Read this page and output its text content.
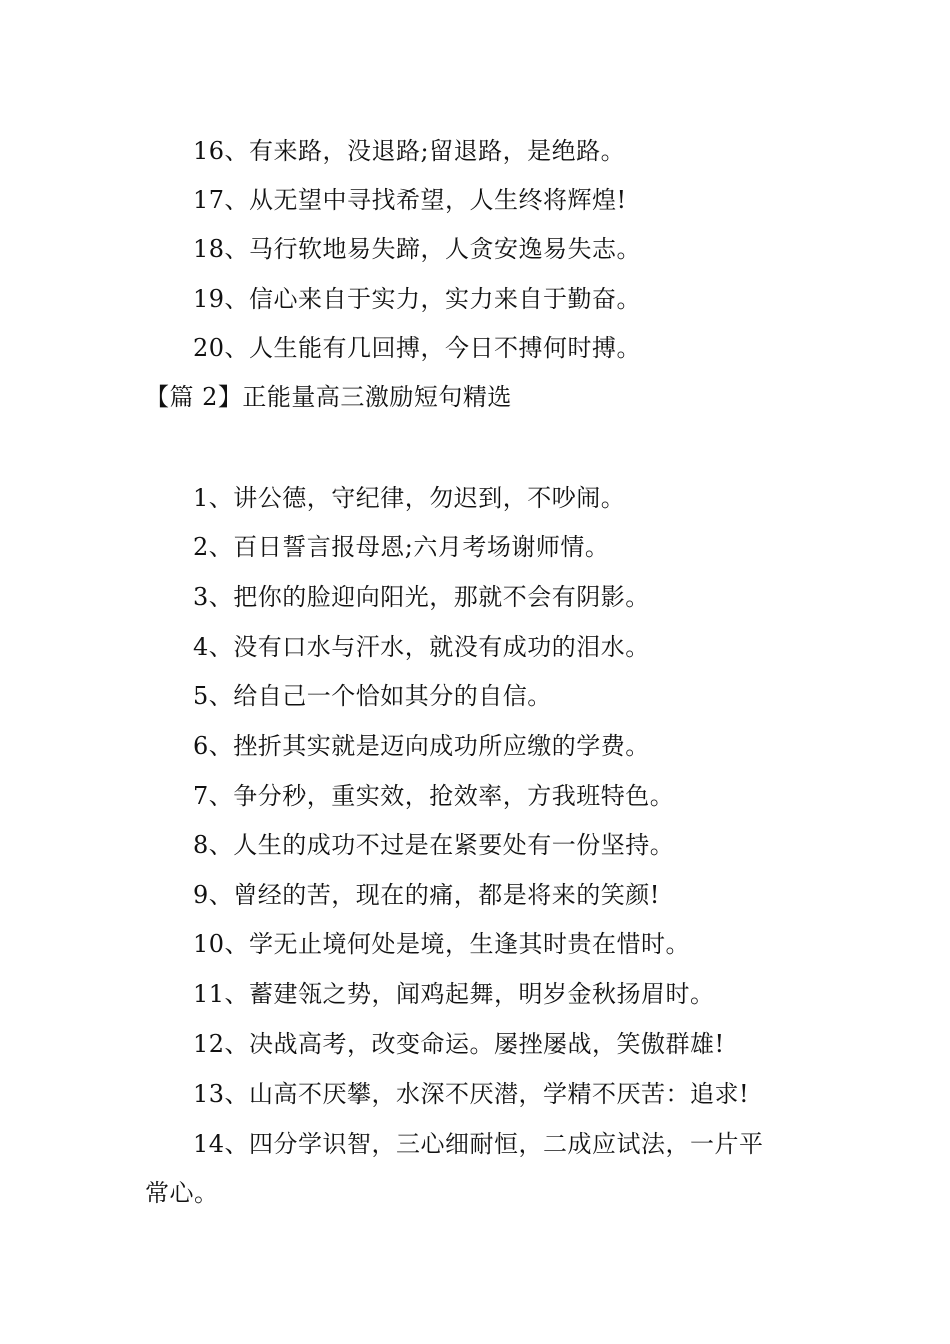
16、有来路，没退路;留退路，是绝路。
17、从无望中寻找希望，人生终将辉煌!
18、马行软地易失蹄，人贪安逸易失志。
19、信心来自于实力，实力来自于勤奋。
20、人生能有几回搏，今日不搏何时搏。
【篇 2】正能量高三激励短句精选
1、讲公德，守纪律，勿迟到，不吵闹。
2、百日誓言报母恩;六月考场谢师情。
3、把你的脸迎向阳光，那就不会有阴影。
4、没有口水与汗水，就没有成功的泪水。
5、给自己一个恰如其分的自信。
6、挫折其实就是迈向成功所应缴的学费。
7、争分秒，重实效，抢效率，方我班特色。
8、人生的成功不过是在紧要处有一份坚持。
9、曾经的苦，现在的痛，都是将来的笑颜!
10、学无止境何处是境，生逢其时贵在惜时。
11、蓄建瓴之势，闻鸡起舞，明岁金秋扬眉时。
12、决战高考，改变命运。屡挫屡战，笑傲群雄!
13、山高不厌攀，水深不厌潜，学精不厌苦：追求!
14、四分学识智，三心细耐恒，二成应试法，一片平
常心。
